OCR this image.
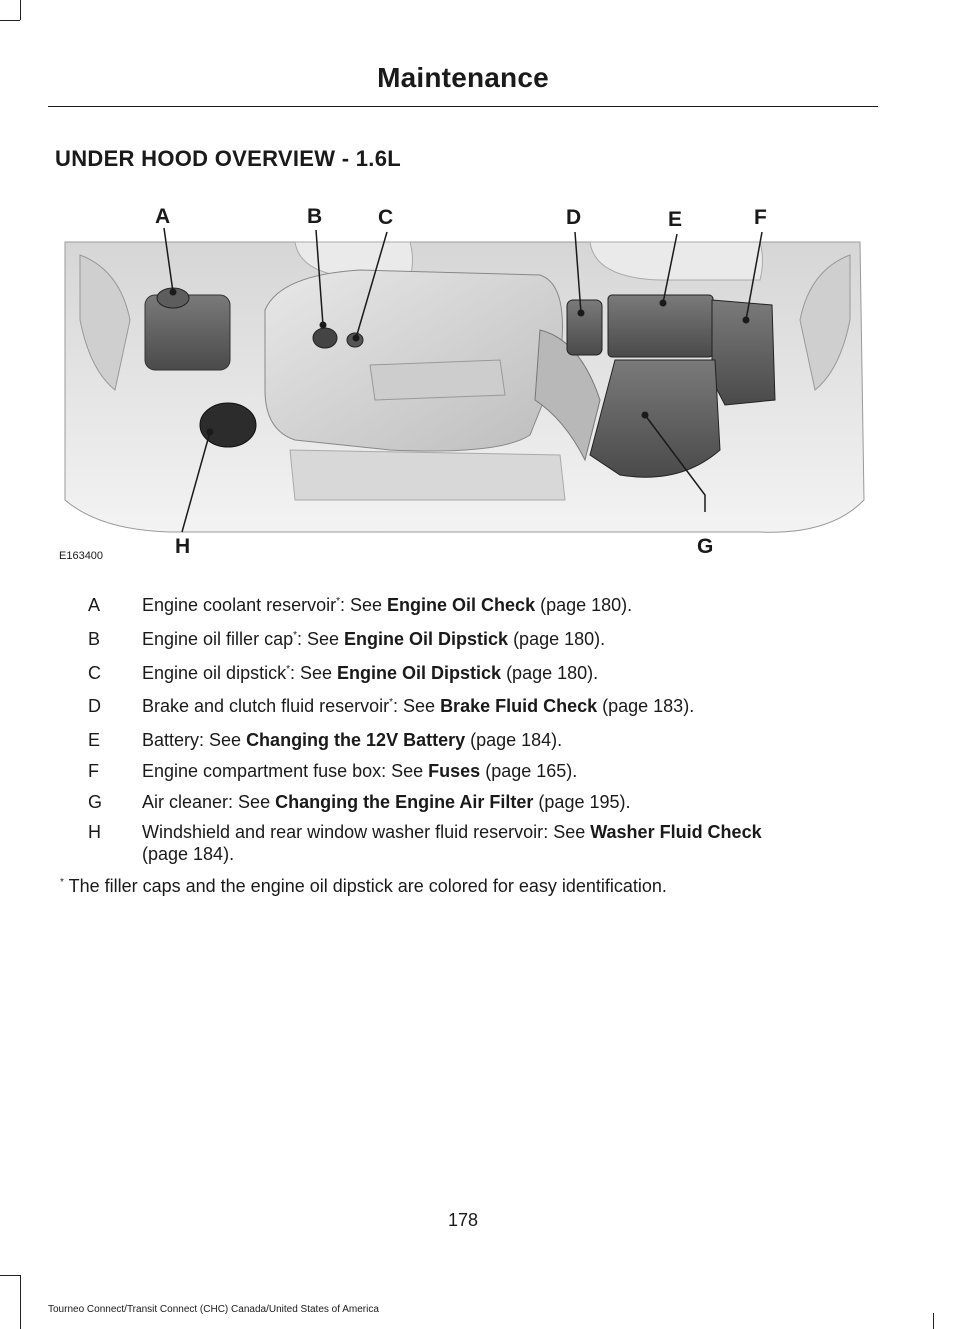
Maintenance
UNDER HOOD OVERVIEW - 1.6L
A	B	C	D	E	F
H	G
E163400
A	Engine coolant reservoir*: See Engine Oil Check (page 180).
B	Engine oil filler cap*: See Engine Oil Dipstick (page 180).
C	Engine oil dipstick*: See Engine Oil Dipstick (page 180).
D	Brake and clutch fluid reservoir*: See Brake Fluid Check (page 183).
E	Battery: See Changing the 12V Battery (page 184).
F	Engine compartment fuse box: See Fuses (page 165).
G	Air cleaner: See Changing the Engine Air Filter (page 195).
H	Windshield and rear window washer fluid reservoir: See Washer Fluid Check
(page 184).
* The filler caps and the engine oil dipstick are colored for easy identification.
178
Tourneo Connect/Transit Connect (CHC) Canada/United States of America
